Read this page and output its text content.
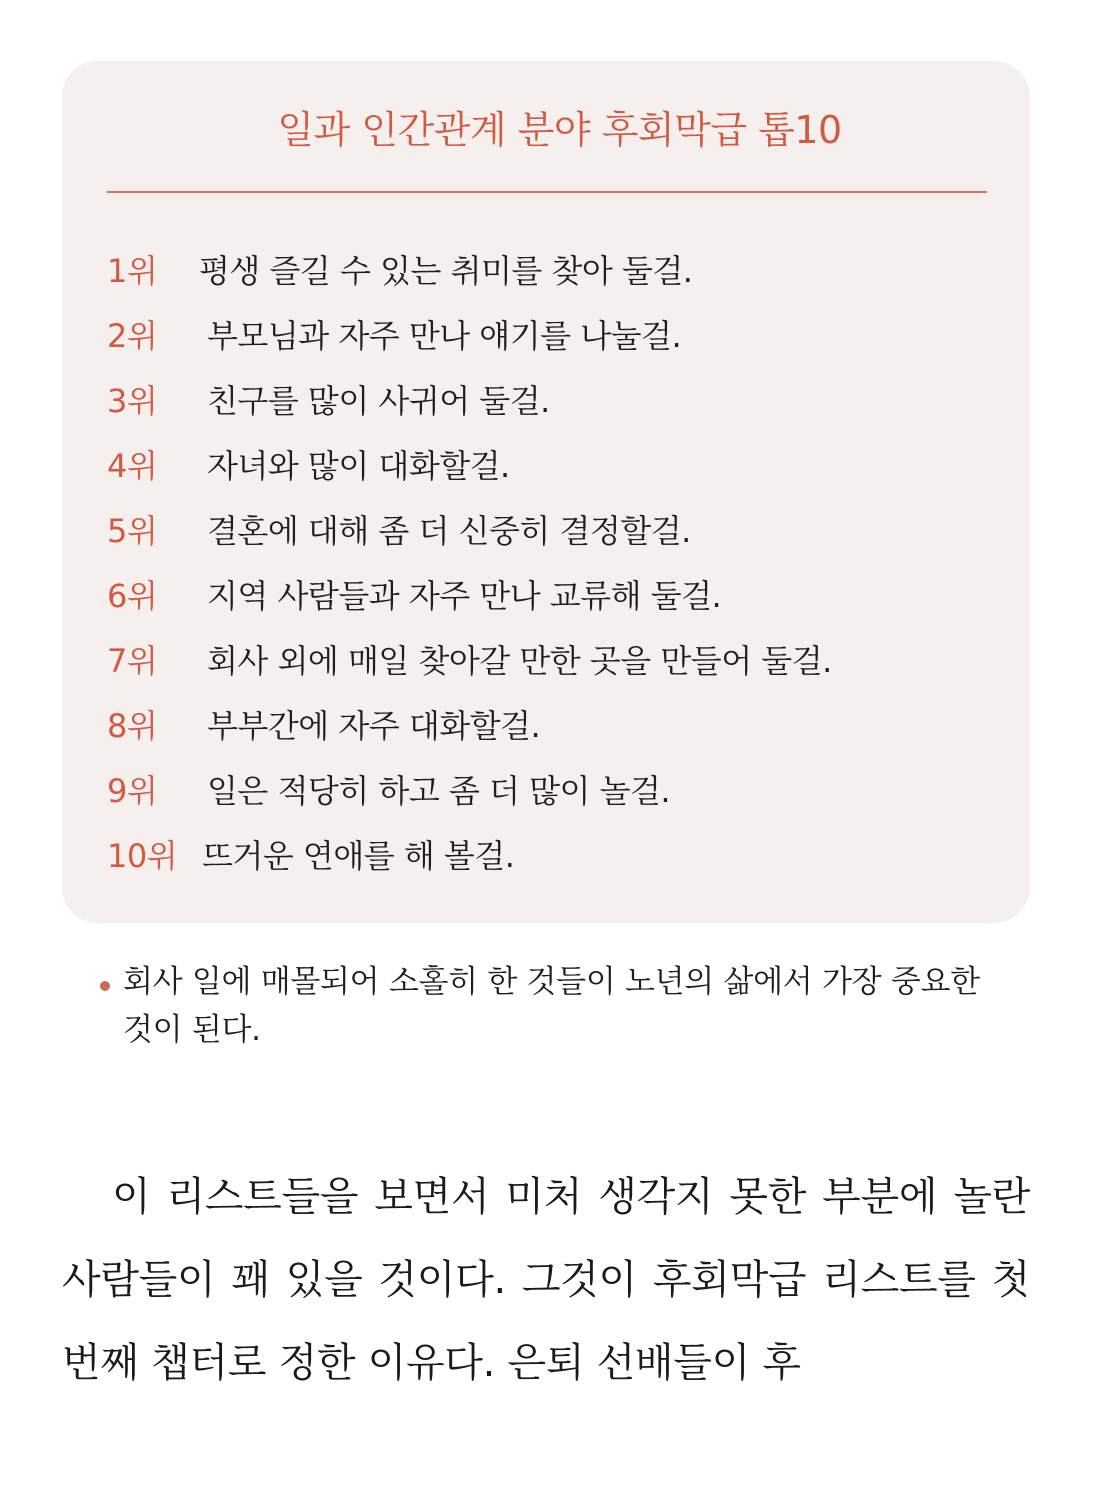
일과 인간관계 분야 후회막급 톱10
1위	평생 즐길 수 있는 취미를 찾아 둘걸.
2위	부모님과 자주 만나 얘기를 나눌걸.
3위	친구를 많이 사귀어 둘걸.
4위	자녀와 많이 대화할걸.
5위	결혼에 대해 좀 더 신중히 결정할걸.
6위	지역 사람들과 자주 만나 교류해 둘걸.
7위	회사 외에 매일 찾아갈 만한 곳을 만들어 둘걸.
8위	부부간에 자주 대화할걸.
9위	일은 적당히 하고 좀 더 많이 놀걸.
10위 뜨거운 연애를 해 볼걸.

회사 일에 매몰되어 소홀히 한 것들이 노년의 삶에서 가장 중요한 것이 된다.

이 리스트들을 보면서 미처 생각지 못한 부분에 놀란 사람들이 꽤 있을 것이다. 그것이 후회막급 리스트를 첫 번째 챕터로 정한 이유다. 은퇴 선배들이 후
